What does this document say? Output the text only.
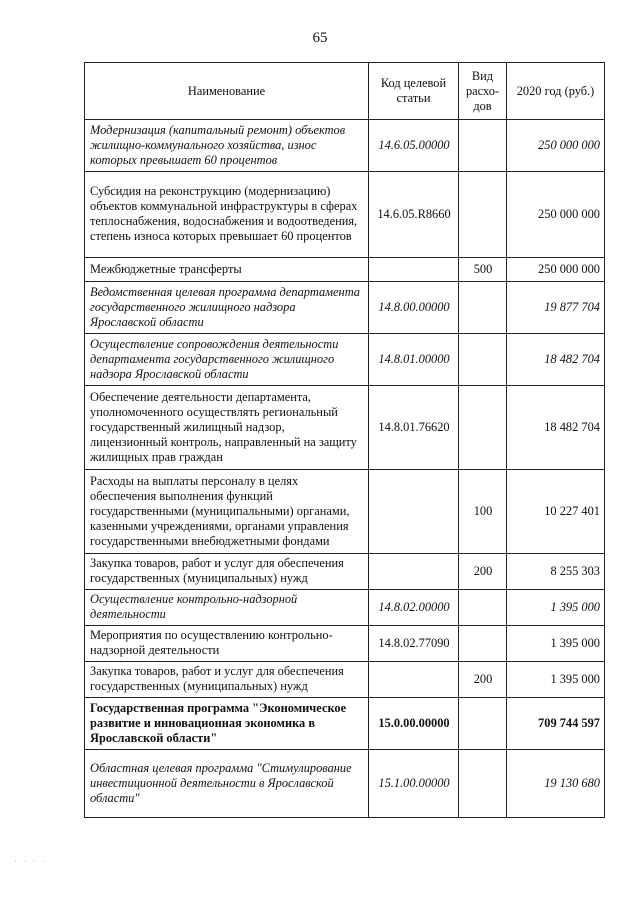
65
Наименование	Код целевой статьи	Вид расхо-дов	2020 год (руб.)
Модернизация (капитальный ремонт) объектов жилищно-коммунального хозяйства, износ которых превышает 60 процентов	14.6.05.00000		250 000 000
Субсидия на реконструкцию (модернизацию) объектов коммунальной инфраструктуры в сферах теплоснабжения, водоснабжения и водоотведения, степень износа которых превышает 60 процентов	14.6.05.R8660		250 000 000
Межбюджетные трансферты		500	250 000 000
Ведомственная целевая программа департамента государственного жилищного надзора Ярославской области	14.8.00.00000		19 877 704
Осуществление сопровождения деятельности департамента государственного жилищного надзора Ярославской области	14.8.01.00000		18 482 704
Обеспечение деятельности департамента, уполномоченного осуществлять региональный государственный жилищный надзор, лицензионный контроль, направленный на защиту жилищных прав граждан	14.8.01.76620		18 482 704
Расходы на выплаты персоналу в целях обеспечения выполнения функций государственными (муниципальными) органами, казенными учреждениями, органами управления государственными внебюджетными фондами		100	10 227 401
Закупка товаров, работ и услуг для обеспечения государственных (муниципальных) нужд		200	8 255 303
Осуществление контрольно-надзорной деятельности	14.8.02.00000		1 395 000
Мероприятия по осуществлению контрольно-надзорной деятельности	14.8.02.77090		1 395 000
Закупка товаров, работ и услуг для обеспечения государственных (муниципальных) нужд		200	1 395 000
Государственная программа "Экономическое развитие и инновационная экономика в Ярославской области"	15.0.00.00000		709 744 597
Областная целевая программа "Стимулирование инвестиционной деятельности в Ярославской области"	15.1.00.00000		19 130 680
· · · ·
